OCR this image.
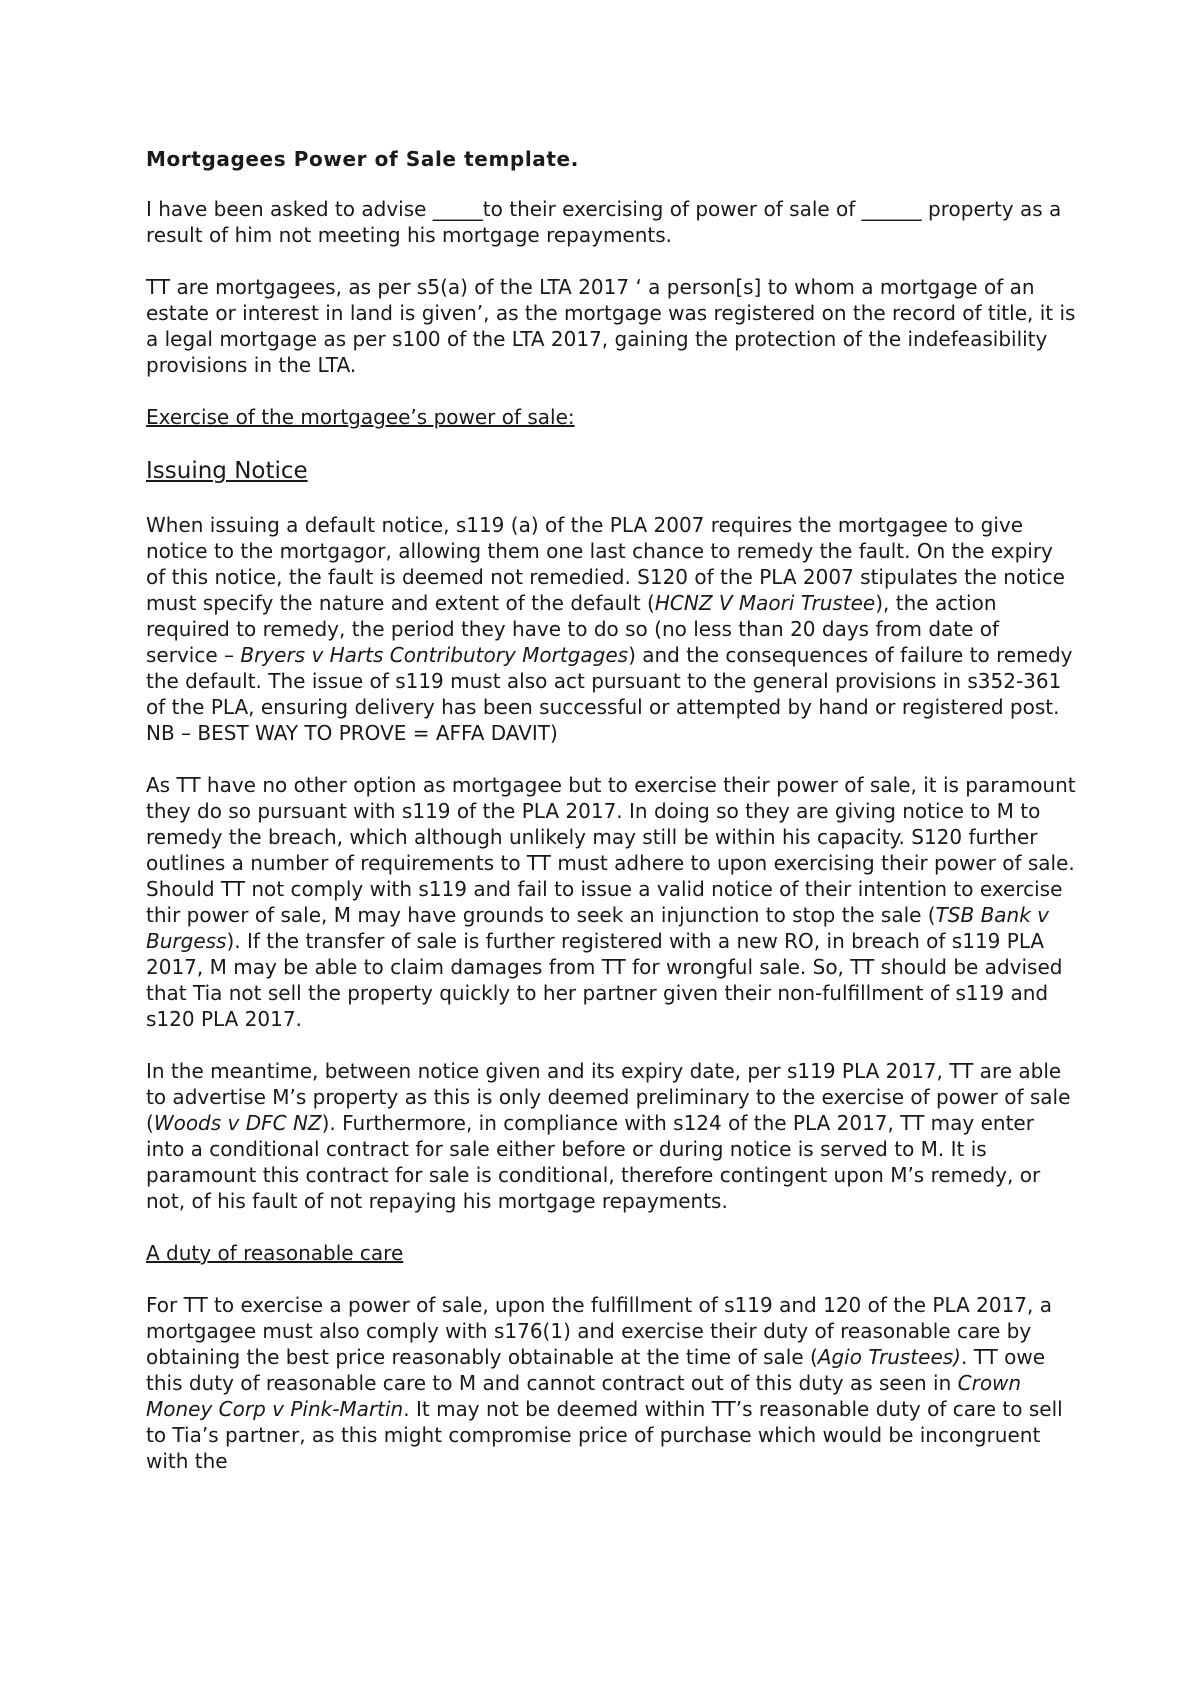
Mortgagees Power of Sale template.

I have been asked to advise _____to their exercising of power of sale of ______ property as a result of him not meeting his mortgage repayments.

TT are mortgagees, as per s5(a) of the LTA 2017 ‘ a person[s] to whom a mortgage of an estate or interest in land is given’, as the mortgage was registered on the record of title, it is a legal mortgage as per s100 of the LTA 2017, gaining the protection of the indefeasibility provisions in the LTA.

Exercise of the mortgagee’s power of sale:

Issuing Notice

When issuing a default notice, s119 (a) of the PLA 2007 requires the mortgagee to give notice to the mortgagor, allowing them one last chance to remedy the fault. On the expiry of this notice, the fault is deemed not remedied. S120 of the PLA 2007 stipulates the notice must specify the nature and extent of the default (HCNZ V Maori Trustee), the action required to remedy, the period they have to do so (no less than 20 days from date of service – Bryers v Harts Contributory Mortgages) and the consequences of failure to remedy the default. The issue of s119 must also act pursuant to the general provisions in s352-361 of the PLA, ensuring delivery has been successful or attempted by hand or registered post. NB – BEST WAY TO PROVE = AFFA DAVIT)

As TT have no other option as mortgagee but to exercise their power of sale, it is paramount they do so pursuant with s119 of the PLA 2017. In doing so they are giving notice to M to remedy the breach, which although unlikely may still be within his capacity. S120 further outlines a number of requirements to TT must adhere to upon exercising their power of sale. Should TT not comply with s119 and fail to issue a valid notice of their intention to exercise thir power of sale, M may have grounds to seek an injunction to stop the sale (TSB Bank v Burgess). If the transfer of sale is further registered with a new RO, in breach of s119 PLA 2017, M may be able to claim damages from TT for wrongful sale. So, TT should be advised that Tia not sell the property quickly to her partner given their non-fulfillment of s119 and s120 PLA 2017.

In the meantime, between notice given and its expiry date, per s119 PLA 2017, TT are able to advertise M’s property as this is only deemed preliminary to the exercise of power of sale (Woods v DFC NZ). Furthermore, in compliance with s124 of the PLA 2017, TT may enter into a conditional contract for sale either before or during notice is served to M. It is paramount this contract for sale is conditional, therefore contingent upon M’s remedy, or not, of his fault of not repaying his mortgage repayments.

A duty of reasonable care

For TT to exercise a power of sale, upon the fulfillment of s119 and 120 of the PLA 2017, a mortgagee must also comply with s176(1) and exercise their duty of reasonable care by obtaining the best price reasonably obtainable at the time of sale (Agio Trustees). TT owe this duty of reasonable care to M and cannot contract out of this duty as seen in Crown Money Corp v Pink-Martin. It may not be deemed within TT’s reasonable duty of care to sell to Tia’s partner, as this might compromise price of purchase which would be incongruent with the
